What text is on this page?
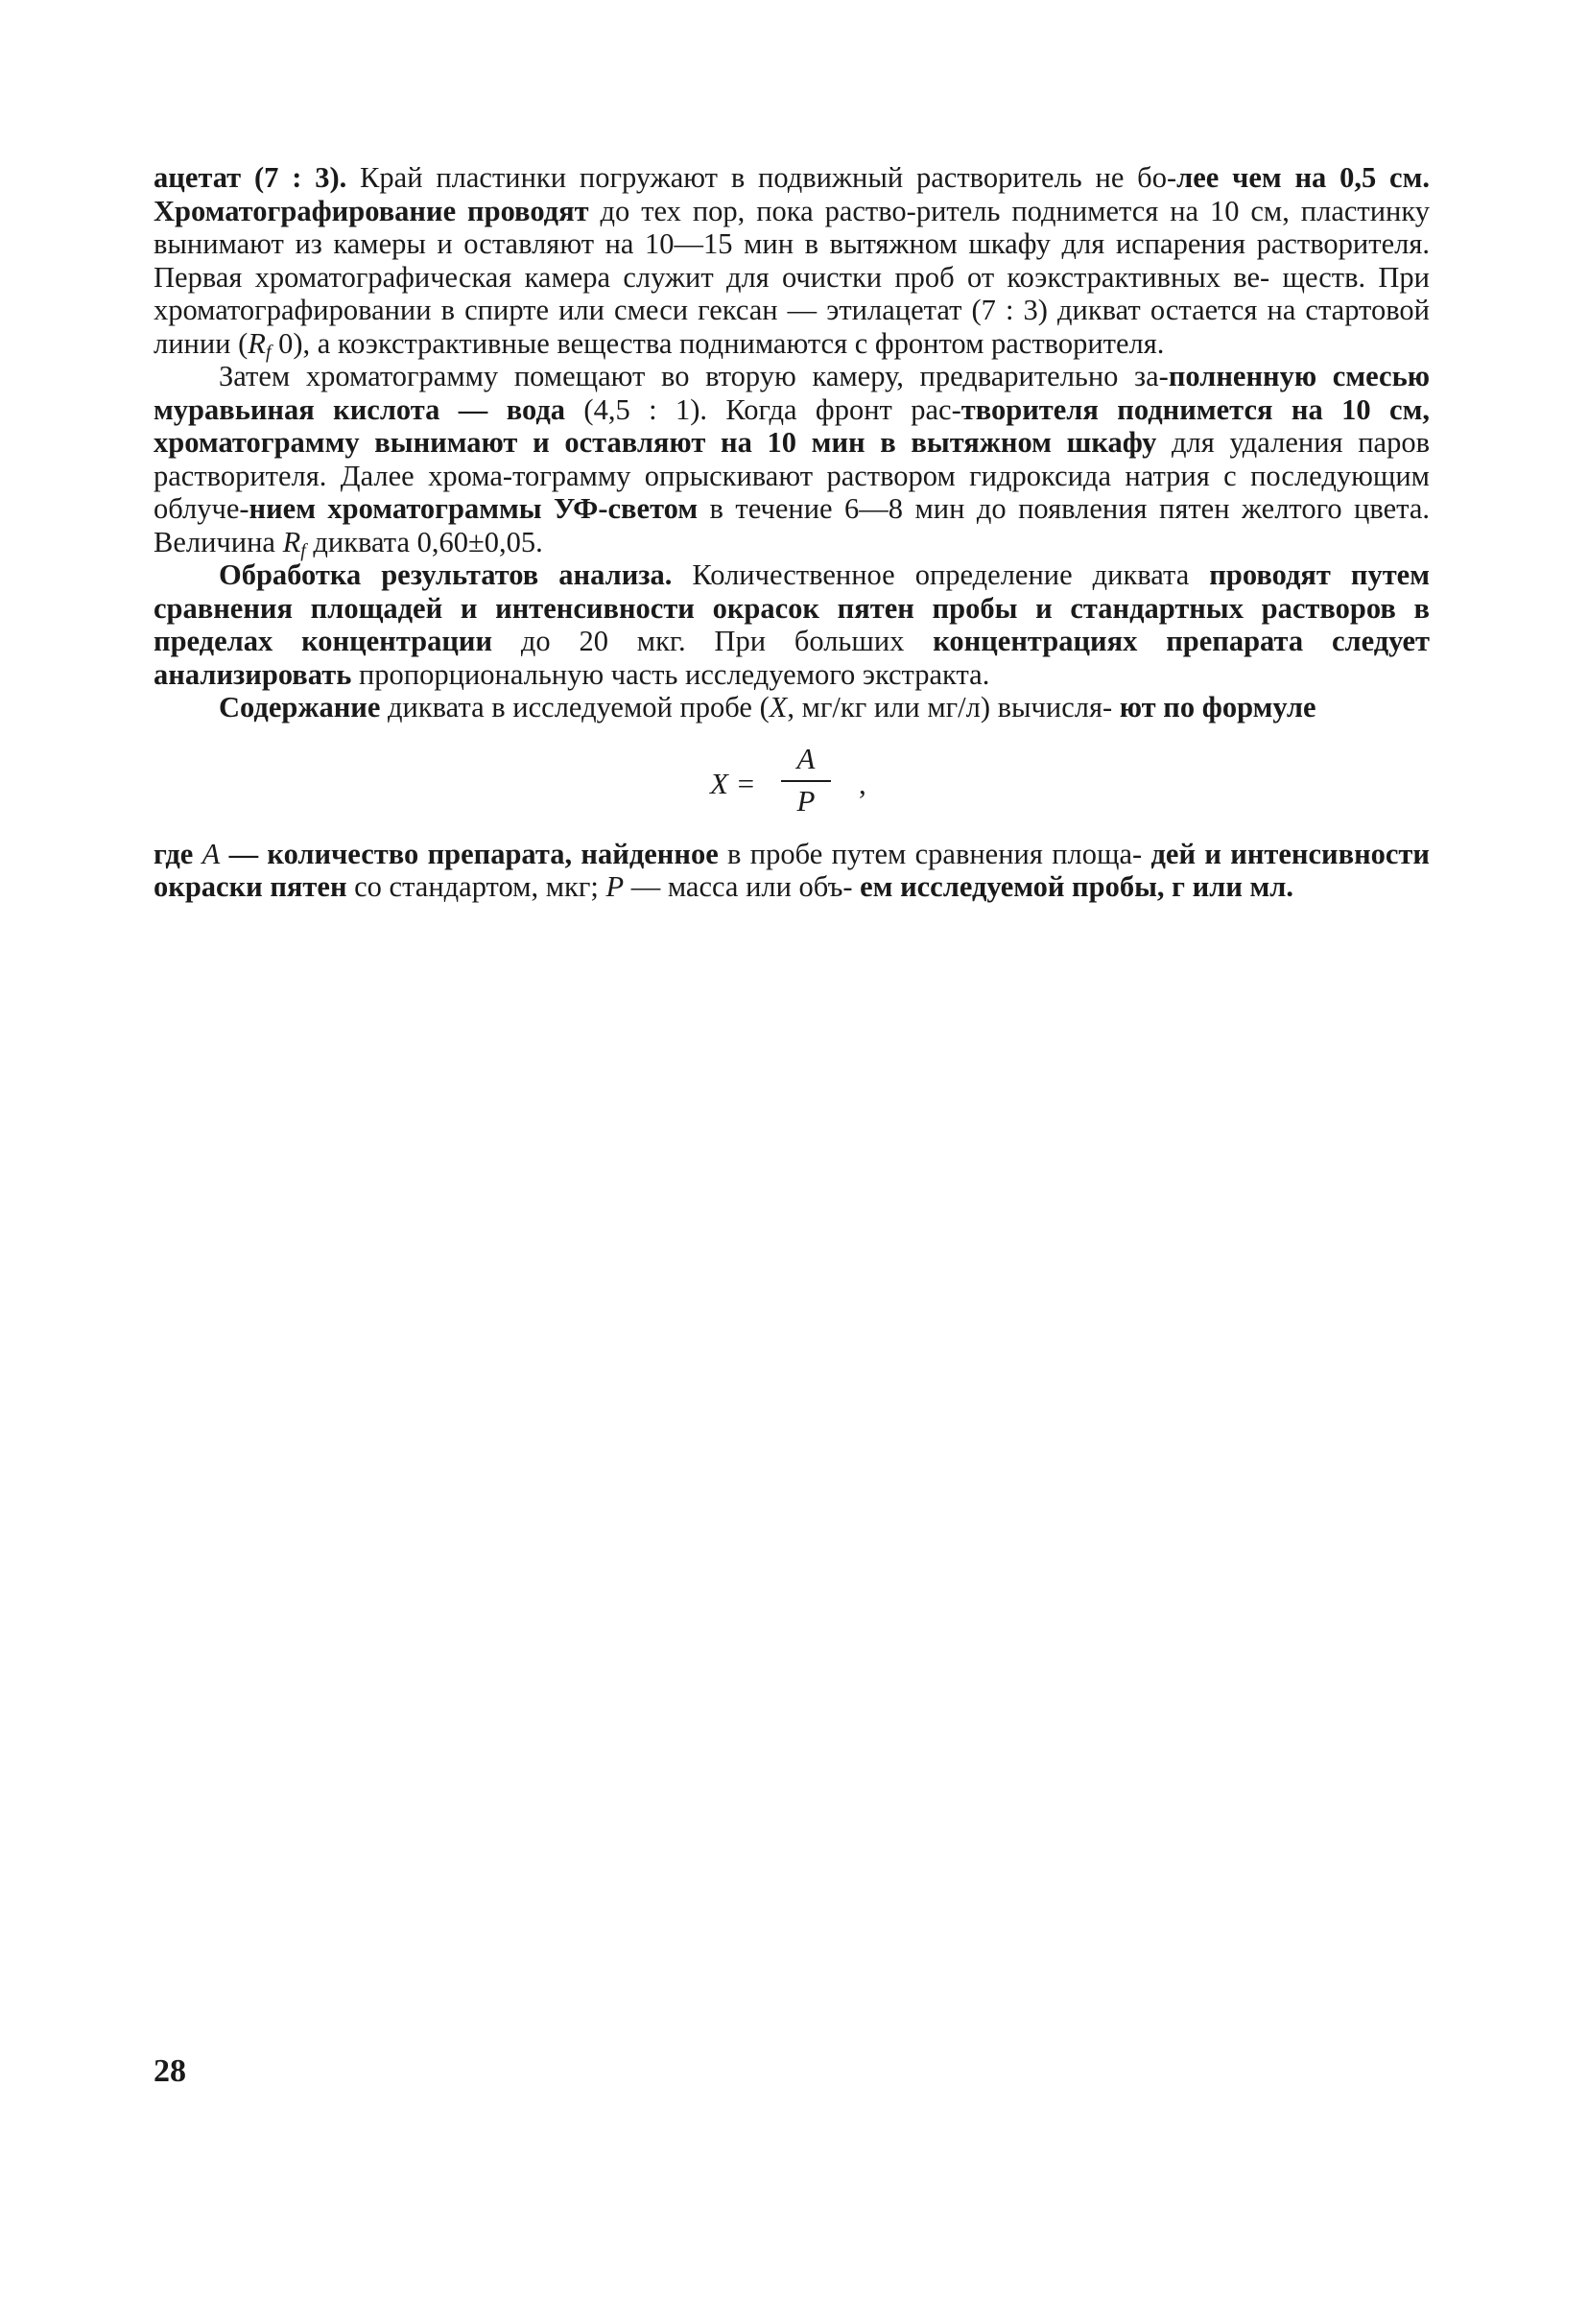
ацетат (7 : 3). Край пластинки погружают в подвижный растворитель не бо-лее чем на 0,5 см. Хроматографирование проводят до тех пор, пока раство-ритель поднимется на 10 см, пластинку вынимают из камеры и оставляют на 10—15 мин в вытяжном шкафу для испарения растворителя. Первая хроматографическая камера служит для очистки проб от коэкстрактивных ве- ществ. При хроматографировании в спирте или смеси гексан — этилацетат (7 : 3) дикват остается на стартовой линии ($R_f$ 0), а коэкстрактивные вещества поднимаются с фронтом растворителя.

Затем хроматограмму помещают во вторую камеру, предварительно за-полненную смесью муравьиная кислота — вода (4,5 : 1). Когда фронт рас-творителя поднимется на 10 см, хроматограмму вынимают и оставляют на 10 мин в вытяжном шкафу для удаления паров растворителя. Далее хрома-тограмму опрыскивают раствором гидроксида натрия с последующим облуче-нием хроматограммы УФ-светом в течение 6—8 мин до появления пятен желтого цвета. Величина $R_f$ диквата 0,60±0,05.

Обработка результатов анализа. Количественное определение диквата проводят путем сравнения площадей и интенсивности окрасок пятен пробы и стандартных растворов в пределах концентрации до 20 мкг. При больших концентрациях препарата следует анализировать пропорциональную часть исследуемого экстракта.

Содержание диквата в исследуемой пробе (X, мг/кг или мг/л) вычисля- ют по формуле

X =
A
P	,

где A — количество препарата, найденное в пробе путем сравнения площа- дей и интенсивности окраски пятен со стандартом, мкг; P — масса или объ- ем исследуемой пробы, г или мл.

28
